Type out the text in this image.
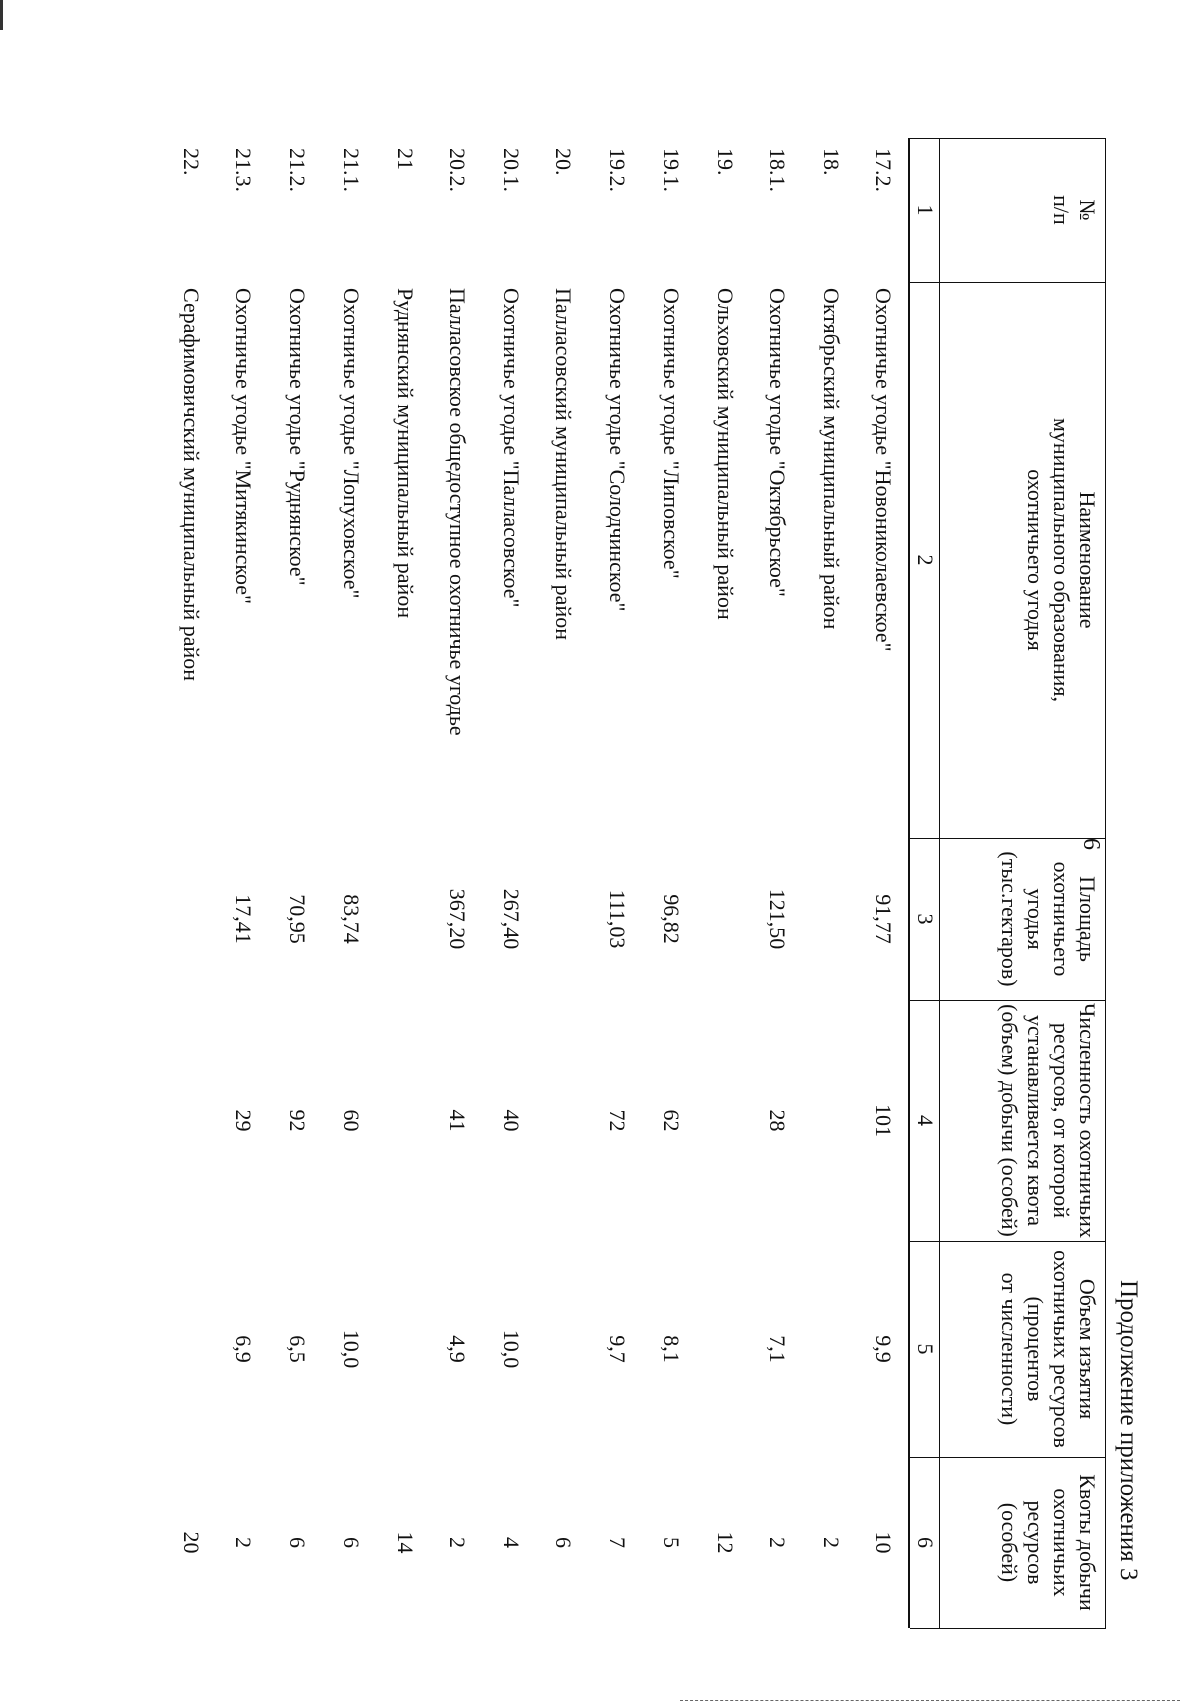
6
Продолжение приложения 3
№
п/п
1
Наименование
муниципального образования,
охотничьего угодья
2
Площадь
охотничьего
угодья
(тыс.гектаров)
3
Численность охотничьих
ресурсов, от которой
устанавливается квота
(объем) добычи (особей)
4
Объем изъятия
охотничьих ресурсов
(процентов
от численности)
5
Квоты добычи
охотничьих
ресурсов
(особей)
6
17.2.
Охотничье угодье "Новониколаевское"
91,77
101
9,9
10
18.
Октябрьский муниципальный район
2
18.1.
Охотничье угодье "Октябрьское"
121,50
28
7,1
2
19.
Ольховский муниципальный район
12
19.1.
Охотничье угодье "Липовское"
96,82
62
8,1
5
19.2.
Охотничье угодье "Солодчинское"
111,03
72
9,7
7
20.
Палласовский муниципальный район
6
20.1.
Охотничье угодье "Палласовское"
267,40
40
10,0
4
20.2.
Палласовское общедоступное охотничье угодье
367,20
41
4,9
2
21
Руднянский муниципальный район
14
21.1.
Охотничье угодье "Лопуховское"
83,74
60
10,0
6
21.2.
Охотничье угодье "Руднянское"
70,95
92
6,5
6
21.3.
Охотничье угодье "Митякинское"
17,41
29
6,9
2
22.
Серафимовичский муниципальный район
20
